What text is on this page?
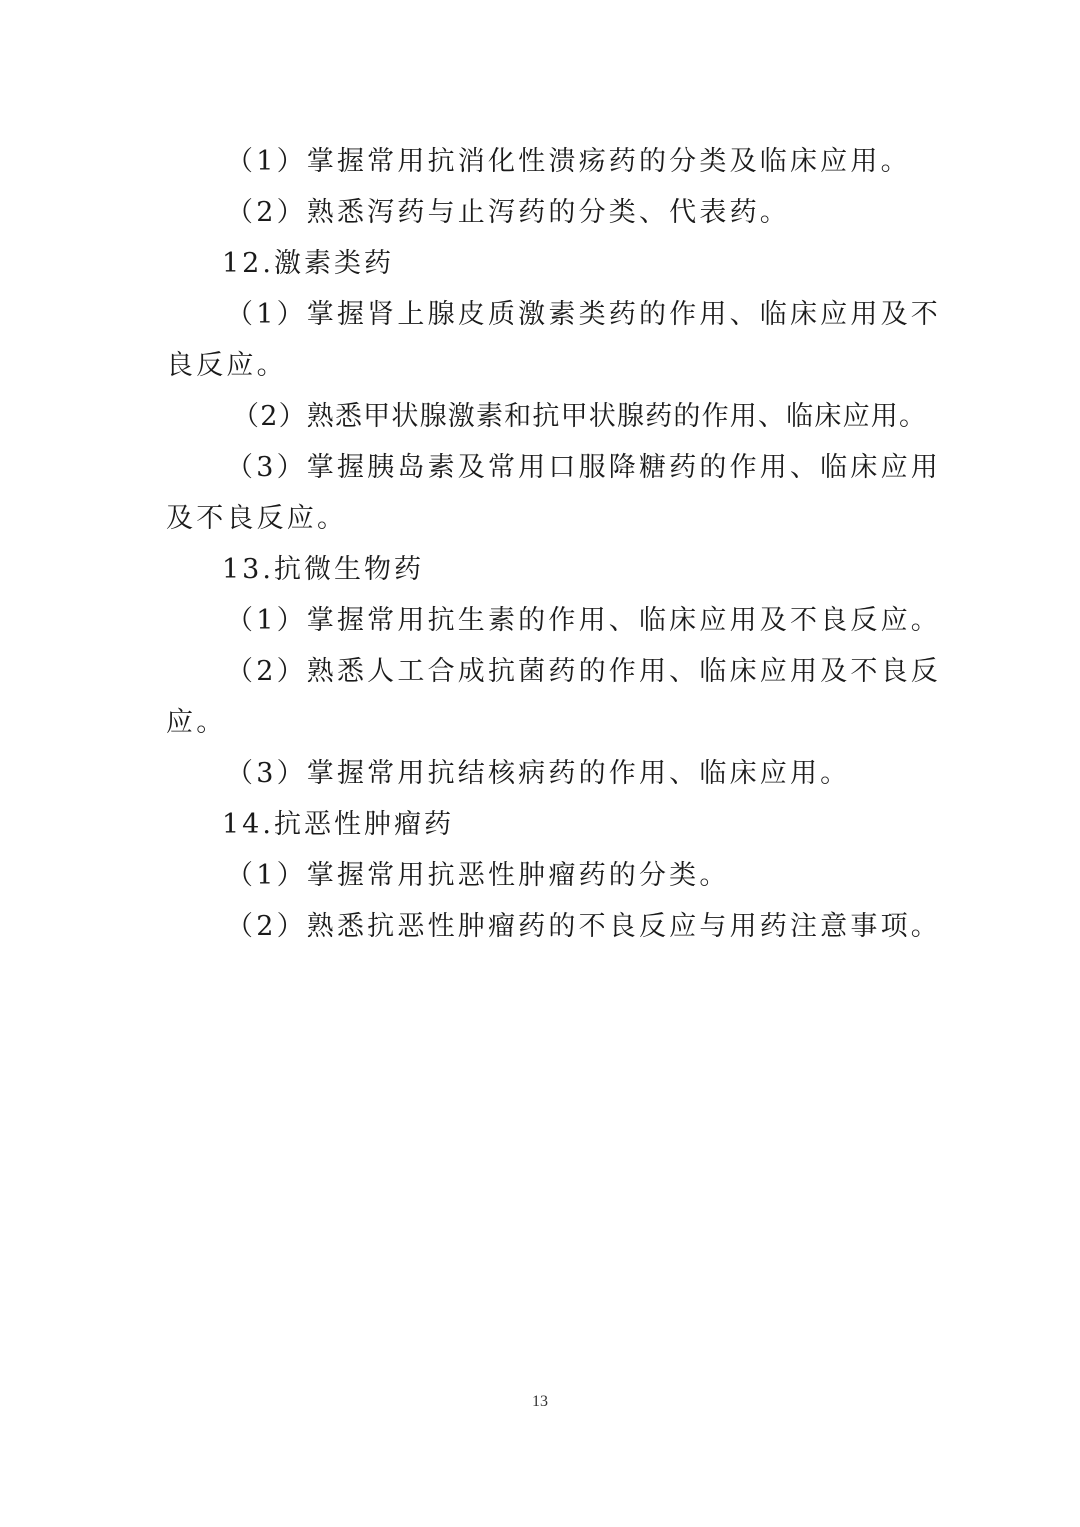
（1）掌握常用抗消化性溃疡药的分类及临床应用。
（2）熟悉泻药与止泻药的分类、代表药。
12.激素类药
（1）掌握肾上腺皮质激素类药的作用、临床应用及不
良反应。
（2）熟悉甲状腺激素和抗甲状腺药的作用、临床应用。
（3）掌握胰岛素及常用口服降糖药的作用、临床应用
及不良反应。
13.抗微生物药
（1）掌握常用抗生素的作用、临床应用及不良反应。
（2）熟悉人工合成抗菌药的作用、临床应用及不良反
应。
（3）掌握常用抗结核病药的作用、临床应用。
14.抗恶性肿瘤药
（1）掌握常用抗恶性肿瘤药的分类。
（2）熟悉抗恶性肿瘤药的不良反应与用药注意事项。
13
